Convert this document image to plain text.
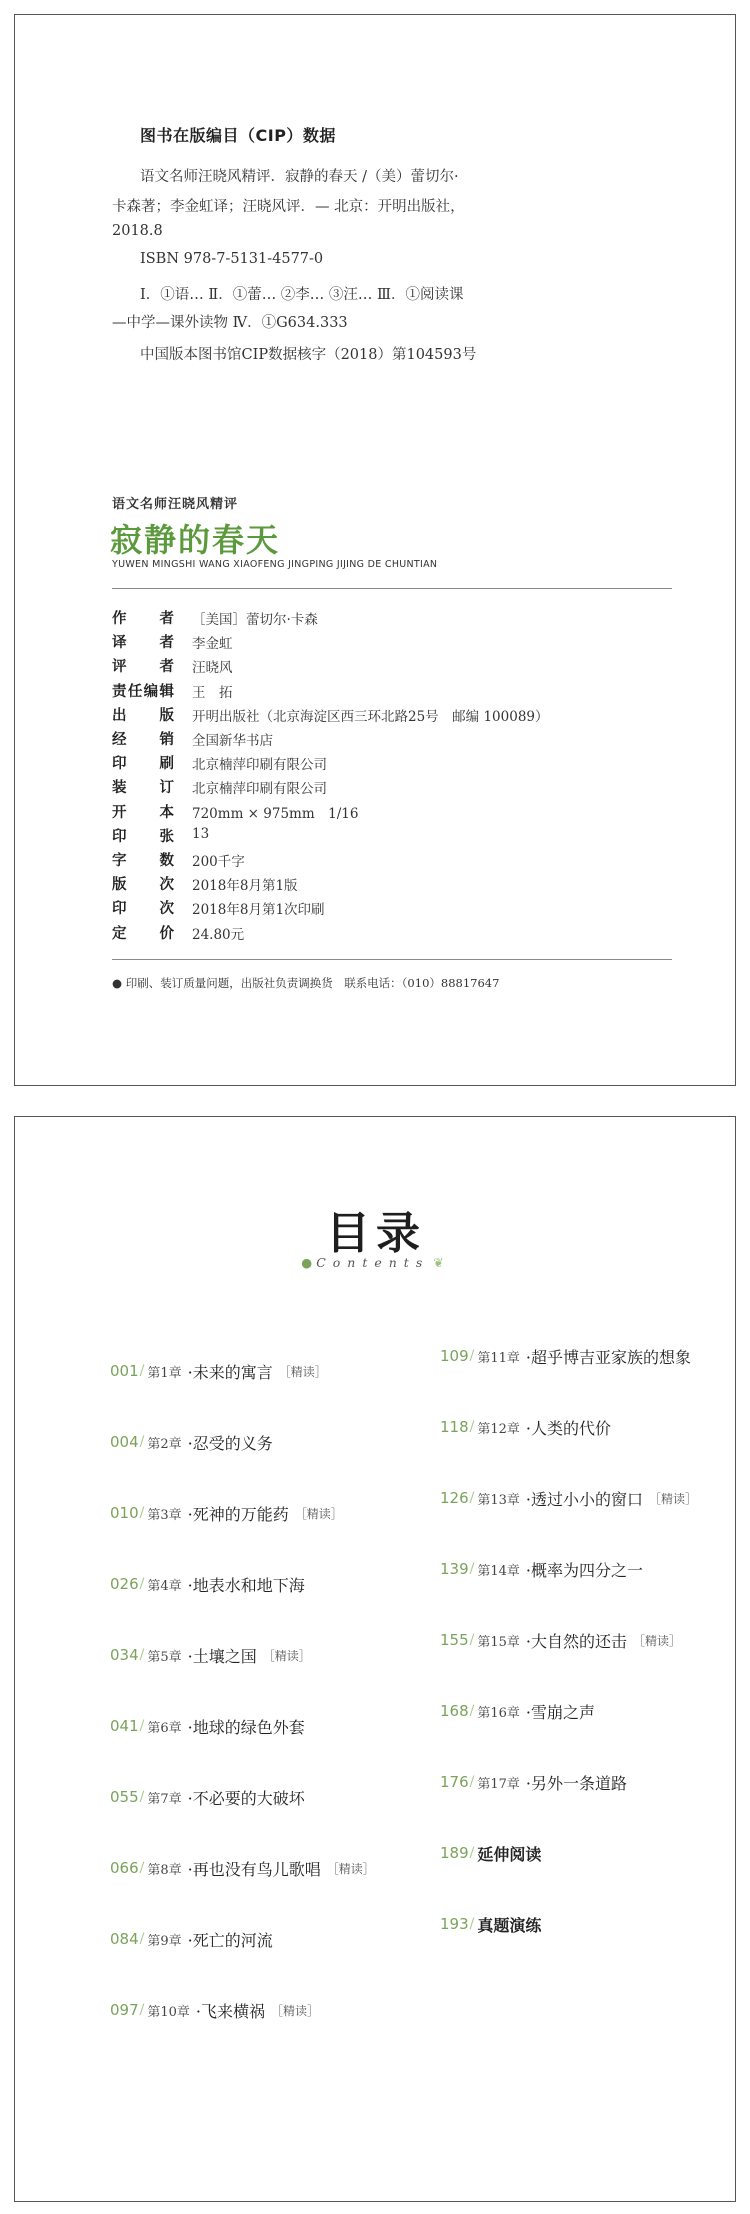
图书在版编目（CIP）数据
语文名师汪晓风精评．寂静的春天 /（美）蕾切尔·
卡森著；李金虹译；汪晓风评．— 北京：开明出版社，
2018.8
ISBN 978-7-5131-4577-0
Ⅰ．①语… Ⅱ．①蕾… ②李… ③汪… Ⅲ．①阅读课
—中学—课外读物 Ⅳ．①G634.333
中国版本图书馆CIP数据核字（2018）第104593号
语文名师汪晓风精评
寂静的春天
YUWEN MINGSHI WANG XIAOFENG JINGPING JIJING DE CHUNTIAN
作 者 ［美国］蕾切尔·卡森
译 者 李金虹
评 者 汪晓风
责 任 编 辑 王　拓
出 版 开明出版社（北京海淀区西三环北路25号　邮编 100089）
经 销 全国新华书店
印 刷 北京楠萍印刷有限公司
装 订 北京楠萍印刷有限公司
开 本 720mm × 975mm　1/16
印 张 13
字 数 200千字
版 次 2018年8月第1版
印 次 2018年8月第1次印刷
定 价 24.80元
● 印刷、装订质量问题，出版社负责调换货　联系电话：（010）88817647
目录
● Contents ❦
001 / 第1章 ·未来的寓言 ［精读］
004 / 第2章 ·忍受的义务
010 / 第3章 ·死神的万能药 ［精读］
026 / 第4章 ·地表水和地下海
034 / 第5章 ·土壤之国 ［精读］
041 / 第6章 ·地球的绿色外套
055 / 第7章 ·不必要的大破坏
066 / 第8章 ·再也没有鸟儿歌唱 ［精读］
084 / 第9章 ·死亡的河流
097 / 第10章 ·飞来横祸 ［精读］
109 / 第11章 ·超乎博吉亚家族的想象
118 / 第12章 ·人类的代价
126 / 第13章 ·透过小小的窗口 ［精读］
139 / 第14章 ·概率为四分之一
155 / 第15章 ·大自然的还击 ［精读］
168 / 第16章 ·雪崩之声
176 / 第17章 ·另外一条道路
189 / 延伸阅读
193 / 真题演练
